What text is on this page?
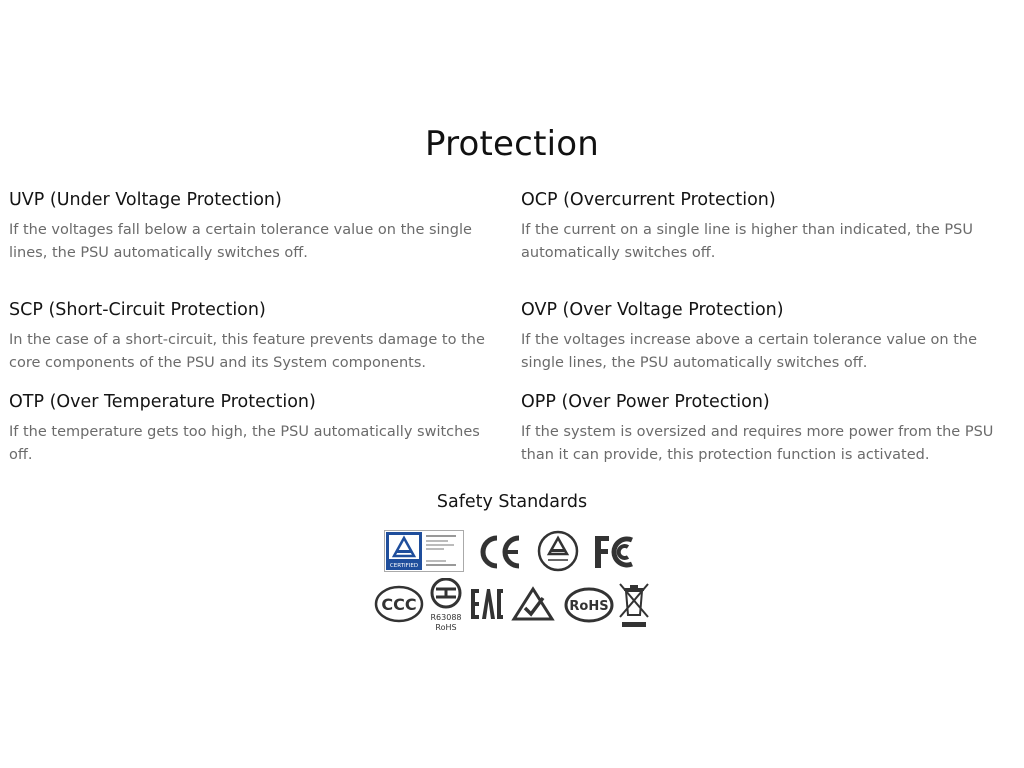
Protection
UVP (Under Voltage Protection)

If the voltages fall below a certain tolerance value on the single lines, the PSU automatically switches off.

OCP (Overcurrent Protection)

If the current on a single line is higher than indicated, the PSU automatically switches off.

SCP (Short-Circuit Protection)

In the case of a short-circuit, this feature prevents damage to the core components of the PSU and its System components.

OVP (Over Voltage Protection)

If the voltages increase above a certain tolerance value on the single lines, the PSU automatically switches off.

OTP (Over Temperature Protection)

If the temperature gets too high, the PSU automatically switches off.

OPP (Over Power Protection)

If the system is oversized and requires more power from the PSU than it can provide, this protection function is activated.

Safety Standards
CERTIFIED
CCC
R63088
RoHS
RoHS
